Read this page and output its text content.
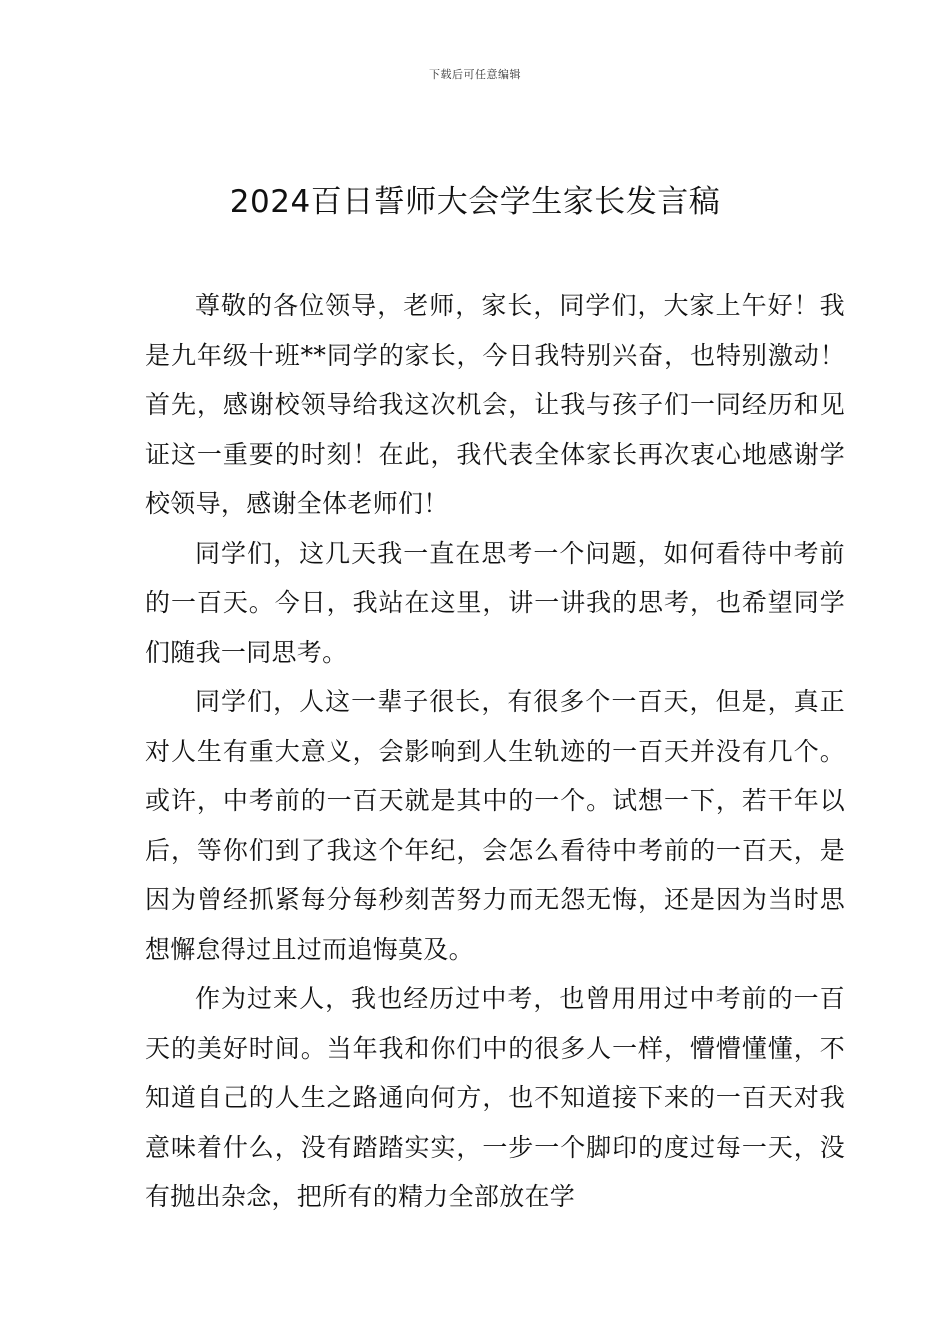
下载后可任意编辑
2024百日誓师大会学生家长发言稿

尊敬的各位领导，老师，家长，同学们，大家上午好！我是九年级十班**同学的家长，今日我特别兴奋，也特别激动！首先，感谢校领导给我这次机会，让我与孩子们一同经历和见证这一重要的时刻！在此，我代表全体家长再次衷心地感谢学校领导，感谢全体老师们！

同学们，这几天我一直在思考一个问题，如何看待中考前的一百天。今日，我站在这里，讲一讲我的思考，也希望同学们随我一同思考。

同学们，人这一辈子很长，有很多个一百天，但是，真正对人生有重大意义，会影响到人生轨迹的一百天并没有几个。或许，中考前的一百天就是其中的一个。试想一下，若干年以后，等你们到了我这个年纪，会怎么看待中考前的一百天，是因为曾经抓紧每分每秒刻苦努力而无怨无悔，还是因为当时思想懈怠得过且过而追悔莫及。

作为过来人，我也经历过中考，也曾用用过中考前的一百天的美好时间。当年我和你们中的很多人一样，懵懵懂懂，不知道自己的人生之路通向何方，也不知道接下来的一百天对我意味着什么，没有踏踏实实，一步一个脚印的度过每一天，没有抛出杂念，把所有的精力全部放在学
